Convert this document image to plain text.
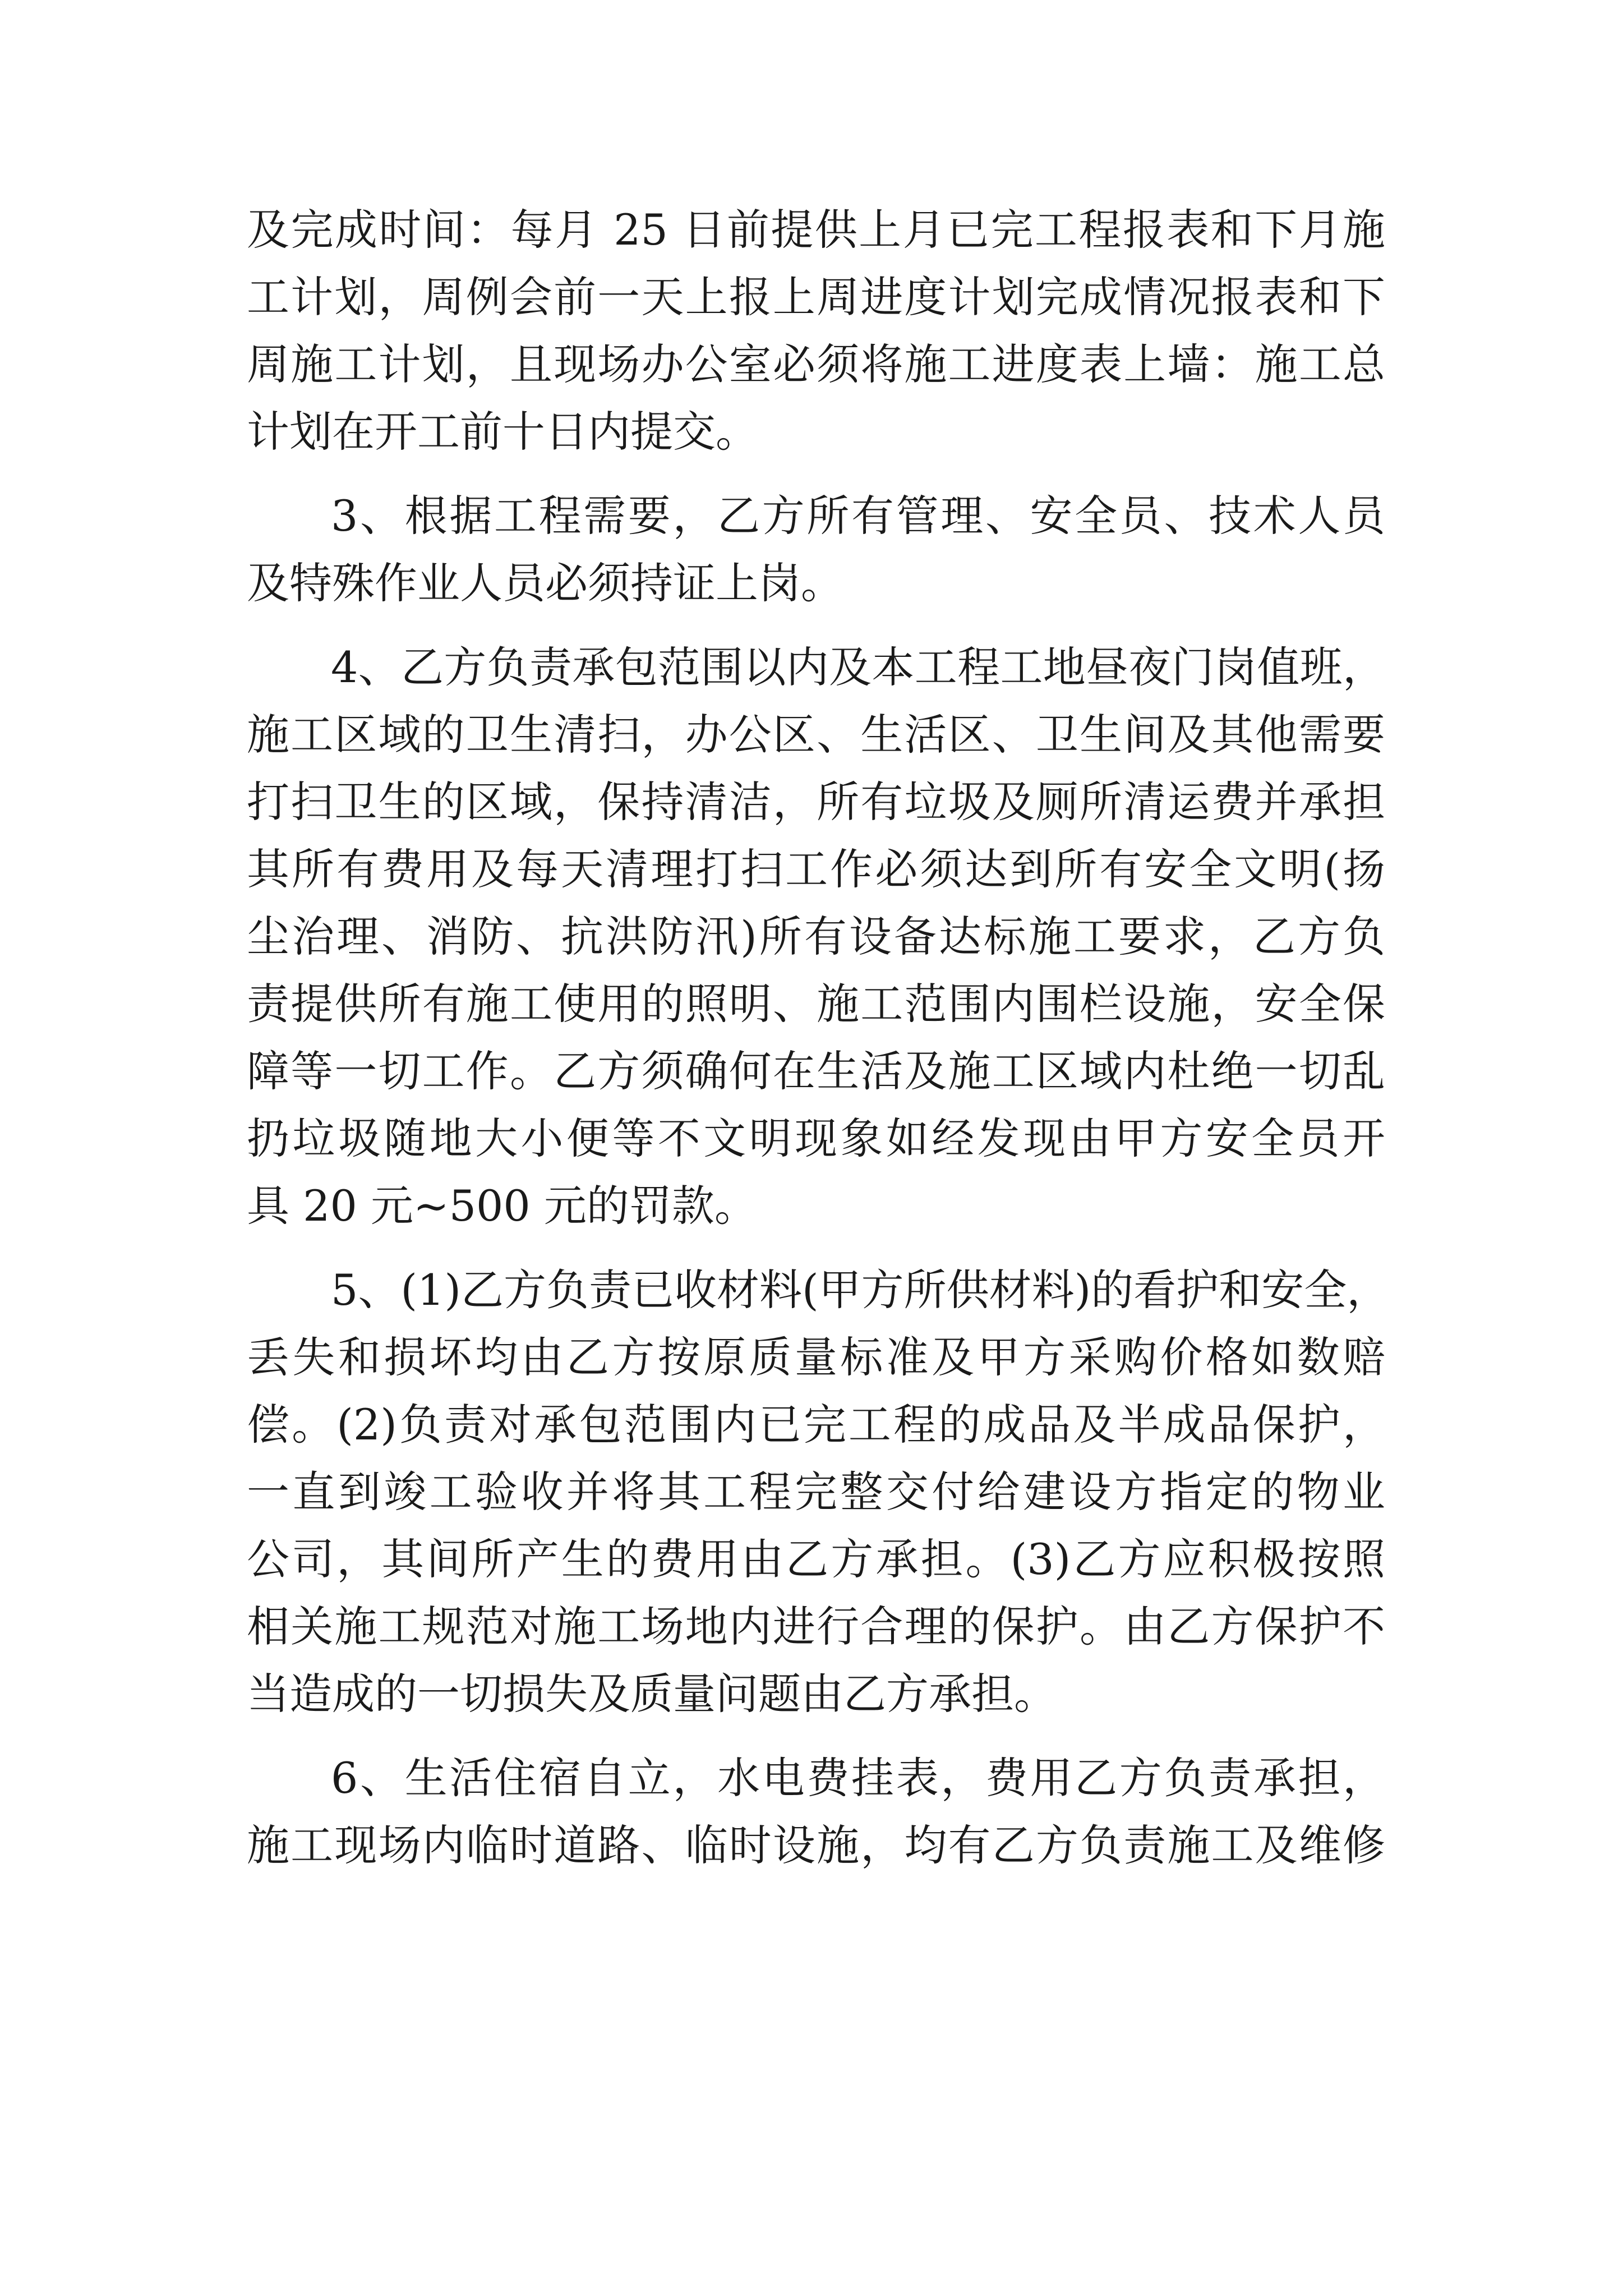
及完成时间：每月 25 日前提供上月已完工程报表和下月施
工计划，周例会前一天上报上周进度计划完成情况报表和下
周施工计划，且现场办公室必须将施工进度表上墙：施工总
计划在开工前十日内提交。
3、根据工程需要，乙方所有管理、安全员、技术人员
及特殊作业人员必须持证上岗。
4、乙方负责承包范围以内及本工程工地昼夜门岗值班，
施工区域的卫生清扫，办公区、生活区、卫生间及其他需要
打扫卫生的区域，保持清洁，所有垃圾及厕所清运费并承担
其所有费用及每天清理打扫工作必须达到所有安全文明(扬
尘治理、消防、抗洪防汛)所有设备达标施工要求，乙方负
责提供所有施工使用的照明、施工范围内围栏设施，安全保
障等一切工作。乙方须确何在生活及施工区域内杜绝一切乱
扔垃圾随地大小便等不文明现象如经发现由甲方安全员开
具 20 元~500 元的罚款。
5、(1)乙方负责已收材料(甲方所供材料)的看护和安全，
丢失和损坏均由乙方按原质量标准及甲方采购价格如数赔
偿。(2)负责对承包范围内已完工程的成品及半成品保护，
一直到竣工验收并将其工程完整交付给建设方指定的物业
公司，其间所产生的费用由乙方承担。(3)乙方应积极按照
相关施工规范对施工场地内进行合理的保护。由乙方保护不
当造成的一切损失及质量问题由乙方承担。
6、生活住宿自立，水电费挂表，费用乙方负责承担，
施工现场内临时道路、临时设施，均有乙方负责施工及维修
